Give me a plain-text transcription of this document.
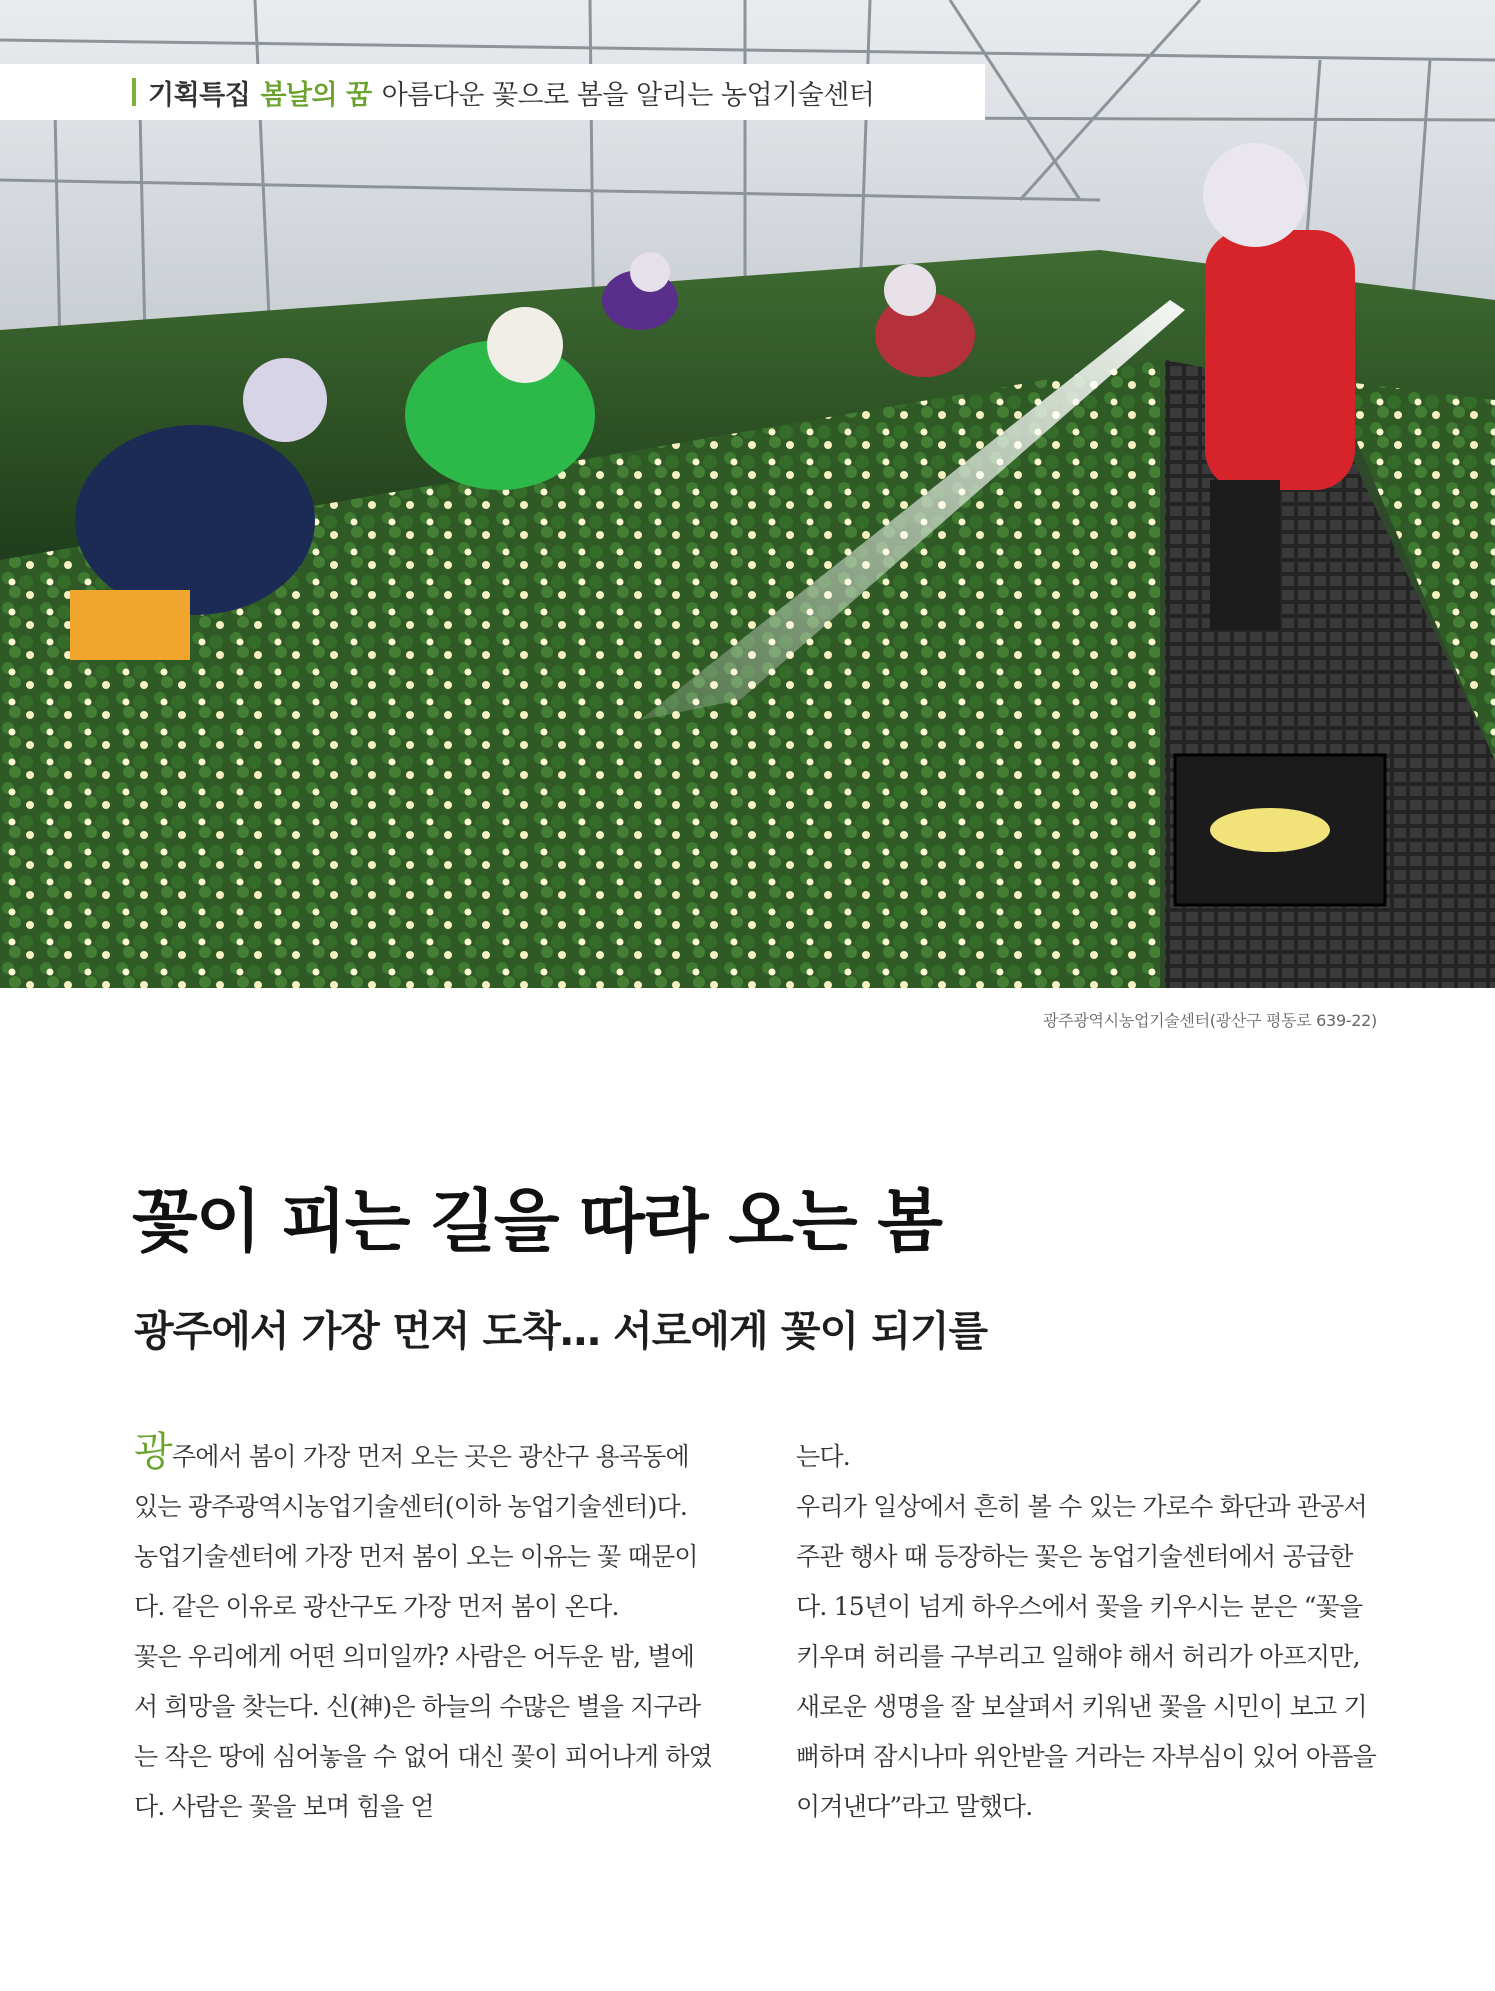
기획특집 봄날의 꿈 아름다운 꽃으로 봄을 알리는 농업기술센터
광주광역시농업기술센터(광산구 평동로 639-22)
꽃이 피는 길을 따라 오는 봄
광주에서 가장 먼저 도착… 서로에게 꽃이 되기를

광주에서 봄이 가장 먼저 오는 곳은 광산구 용곡동에 있는 광주광역시농업기술센터(이하 농업기술센터)다. 농업기술센터에 가장 먼저 봄이 오는 이유는 꽃 때문이다. 같은 이유로 광산구도 가장 먼저 봄이 온다.

꽃은 우리에게 어떤 의미일까? 사람은 어두운 밤, 별에서 희망을 찾는다. 신(神)은 하늘의 수많은 별을 지구라는 작은 땅에 심어놓을 수 없어 대신 꽃이 피어나게 하였다. 사람은 꽃을 보며 힘을 얻

는다.

우리가 일상에서 흔히 볼 수 있는 가로수 화단과 관공서 주관 행사 때 등장하는 꽃은 농업기술센터에서 공급한다. 15년이 넘게 하우스에서 꽃을 키우시는 분은 “꽃을 키우며 허리를 구부리고 일해야 해서 허리가 아프지만, 새로운 생명을 잘 보살펴서 키워낸 꽃을 시민이 보고 기뻐하며 잠시나마 위안받을 거라는 자부심이 있어 아픔을 이겨낸다”라고 말했다.
